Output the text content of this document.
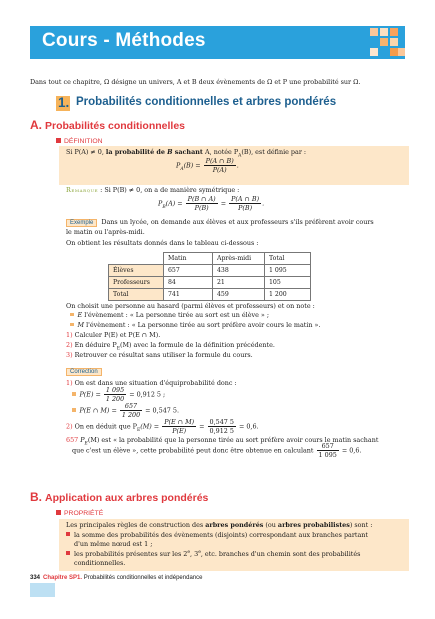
Cours - Méthodes
Dans tout ce chapitre, Ω désigne un univers, A et B deux évènements de Ω et P une probabilité sur Ω.
1. Probabilités conditionnelles et arbres pondérés
A. Probabilités conditionnelles
DÉFINITION
Si P(A) ≠ 0, la probabilité de B sachant A, notée $P_A(B)$, est définie par :
$P_A(B) = \frac{P(A \cap B)}{P(A)}$ .
Remarque : Si P(B) ≠ 0, on a de manière symétrique :
$P_B(A) = \frac{P(B \cap A)}{P(B)} = \frac{P(A \cap B)}{P(B)}$ .
Exemple Dans un lycée, on demande aux élèves et aux professeurs s'ils préfèrent avoir cours
le matin ou l'après-midi.
On obtient les résultats donnés dans le tableau ci-dessous :
	Matin	Après-midi	Total
Élèves	657	438	1 095
Professeurs	84	21	105
Total	741	459	1 200
On choisit une personne au hasard (parmi élèves et professeurs) et on note :
E l'évènement : « La personne tirée au sort est un élève » ;
M l'évènement : « La personne tirée au sort préfère avoir cours le matin ».
1) Calculer P(E) et P(E ∩ M).
2) En déduire $P_E(M)$ avec la formule de la définition précédente.
3) Retrouver ce résultat sans utiliser la formule du cours.
Correction
1) On est dans une situation d'équiprobabilité donc :
$P(E) = \frac{1 095}{1 200} = 0,912$ 5 ;
P(E ∩ $M) = \frac{657}{1 200} = 0,547$ 5.
2) On en déduit que $P_E(M) = \frac{P(E \cap M)}{P(E)} = \frac{0,547 5}{0,912 5} = 0,6$.
657 $P_E(M)$ est « la probabilité que la personne tirée au sort préfère avoir cours le matin sachant
que c'est un élève », cette probabilité peut donc être obtenue en calculant $\frac{657}{1 095} = 0,6$.
B. Application aux arbres pondérés
PROPRIÉTÉ
Les principales règles de construction des arbres pondérés (ou arbres probabilistes) sont :
la somme des probabilités des évènements (disjoints) correspondant aux branches partant
d'un même nœud est 1 ;
les probabilités présentes sur les 2e, 3e, etc. branches d'un chemin sont des probabilités
conditionnelles.
334 Chapitre SP1. Probabilités conditionnelles et indépendance
